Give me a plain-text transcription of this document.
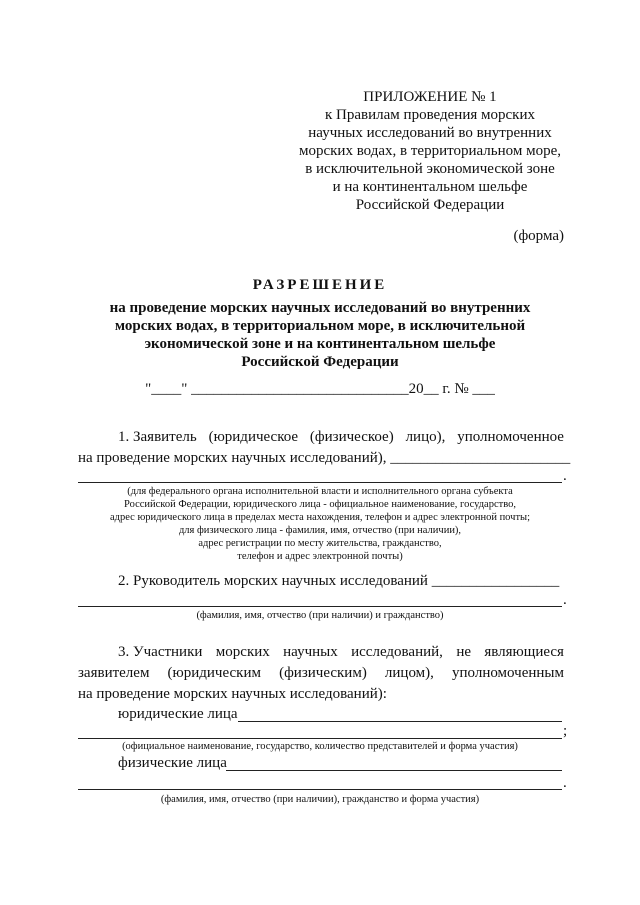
ПРИЛОЖЕНИЕ № 1
к Правилам проведения морских
научных исследований во внутренних
морских водах, в территориальном море,
в исключительной экономической зоне
и на континентальном шельфе
Российской Федерации
(форма)
РАЗРЕШЕНИЕ
на проведение морских научных исследований во внутренних
морских водах, в территориальном море, в исключительной
экономической зоне и на континентальном шельфе
Российской Федерации
"____" _____________________________20__ г. № ___
1. Заявитель (юридическое (физическое) лицо), уполномоченное
на проведение морских научных исследований), ________________________
.
(для федерального органа исполнительной власти и исполнительного органа субъекта
Российской Федерации, юридического лица - официальное наименование, государство,
адрес юридического лица в пределах места нахождения, телефон и адрес электронной почты;
для физического лица - фамилия, имя, отчество (при наличии),
адрес регистрации по месту жительства, гражданство,
телефон и адрес электронной почты)
2. Руководитель морских научных исследований _________________
.
(фамилия, имя, отчество (при наличии) и гражданство)
3. Участники морских научных исследований, не являющиеся
заявителем (юридическим (физическим) лицом), уполномоченным
на проведение морских научных исследований):
юридические лица
;
(официальное наименование, государство, количество представителей и форма участия)
физические лица
.
(фамилия, имя, отчество (при наличии), гражданство и форма участия)
